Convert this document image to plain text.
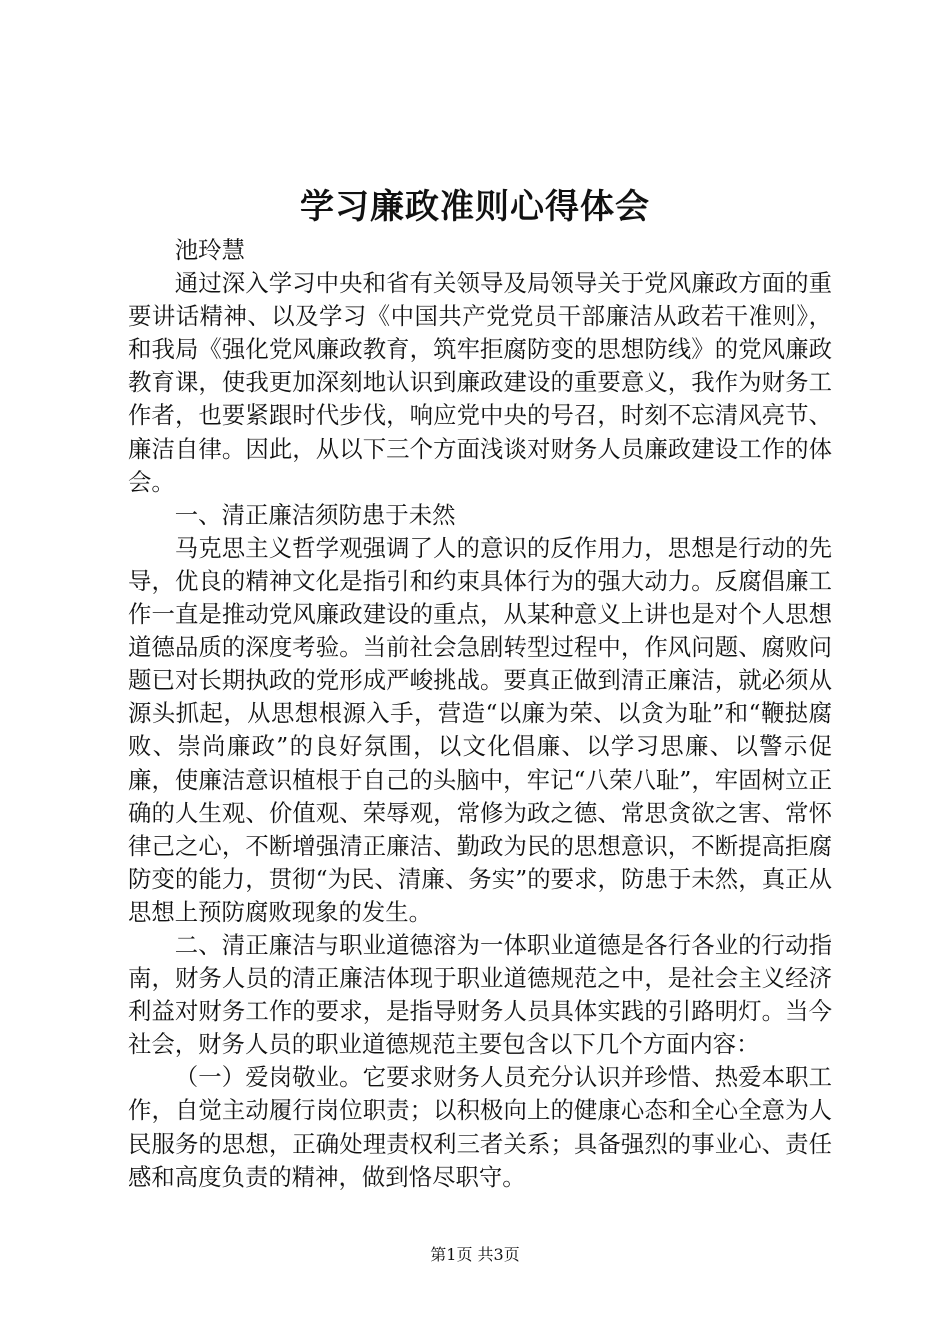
学习廉政准则心得体会

池玲慧

通过深入学习中央和省有关领导及局领导关于党风廉政方面的重要讲话精神、以及学习《中国共产党党员干部廉洁从政若干准则》，和我局《强化党风廉政教育，筑牢拒腐防变的思想防线》的党风廉政教育课，使我更加深刻地认识到廉政建设的重要意义，我作为财务工作者，也要紧跟时代步伐，响应党中央的号召，时刻不忘清风亮节、廉洁自律。因此，从以下三个方面浅谈对财务人员廉政建设工作的体会。

一、清正廉洁须防患于未然

马克思主义哲学观强调了人的意识的反作用力，思想是行动的先导，优良的精神文化是指引和约束具体行为的强大动力。反腐倡廉工作一直是推动党风廉政建设的重点，从某种意义上讲也是对个人思想道德品质的深度考验。当前社会急剧转型过程中，作风问题、腐败问题已对长期执政的党形成严峻挑战。要真正做到清正廉洁，就必须从源头抓起，从思想根源入手，营造“以廉为荣、以贪为耻”和“鞭挞腐败、崇尚廉政”的良好氛围，以文化倡廉、以学习思廉、以警示促廉，使廉洁意识植根于自己的头脑中，牢记“八荣八耻”，牢固树立正确的人生观、价值观、荣辱观，常修为政之德、常思贪欲之害、常怀律己之心，不断增强清正廉洁、勤政为民的思想意识，不断提高拒腐防变的能力，贯彻“为民、清廉、务实”的要求，防患于未然，真正从思想上预防腐败现象的发生。

二、清正廉洁与职业道德溶为一体职业道德是各行各业的行动指南，财务人员的清正廉洁体现于职业道德规范之中，是社会主义经济利益对财务工作的要求，是指导财务人员具体实践的引路明灯。当今社会，财务人员的职业道德规范主要包含以下几个方面内容：

（一）爱岗敬业。它要求财务人员充分认识并珍惜、热爱本职工作，自觉主动履行岗位职责；以积极向上的健康心态和全心全意为人民服务的思想，正确处理责权利三者关系；具备强烈的事业心、责任感和高度负责的精神，做到恪尽职守。

第1页 共3页
